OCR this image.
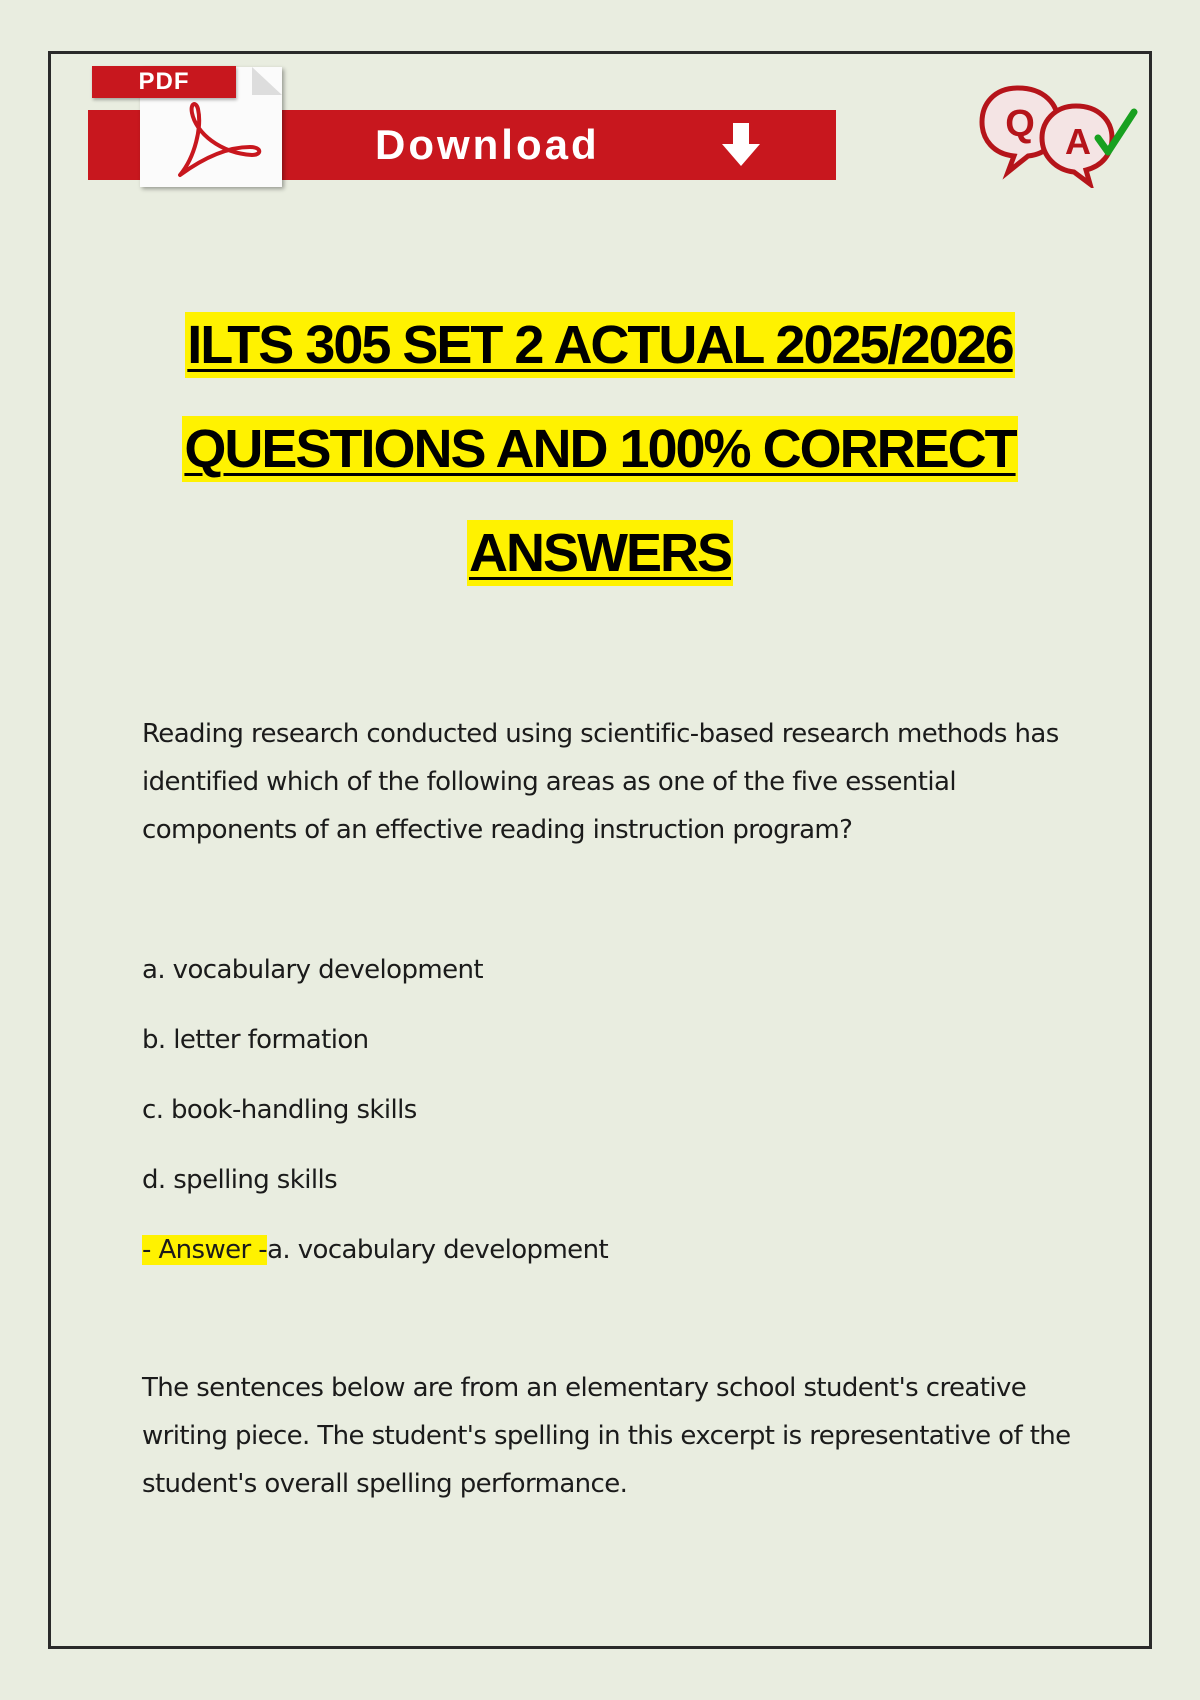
PDF
Download	Q A
ILTS 305 SET 2 ACTUAL 2025/2026
QUESTIONS AND 100% CORRECT
ANSWERS
Reading research conducted using scientific-based research methods has identified which of the following areas as one of the five essential components of an effective reading instruction program?
a. vocabulary development
b. letter formation
c. book-handling skills
d. spelling skills
- Answer -a. vocabulary development
The sentences below are from an elementary school student's creative writing piece. The student's spelling in this excerpt is representative of the student's overall spelling performance.
